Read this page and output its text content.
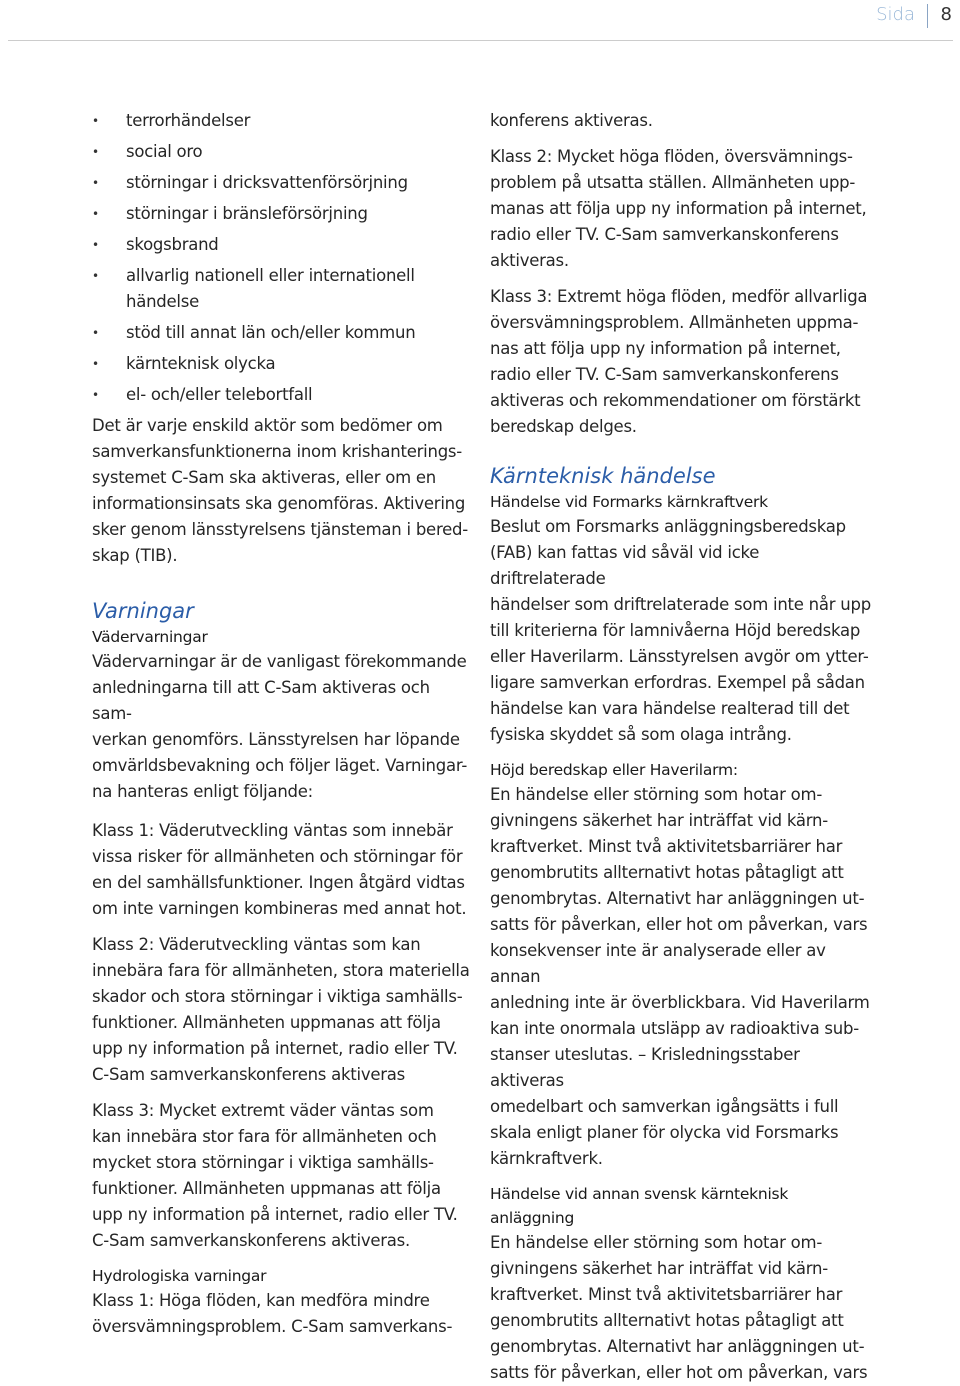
Sida 8
• terrorhändelser
• social oro
• störningar i dricksvattenförsörjning
• störningar i bränsleförsörjning
• skogsbrand
• allvarlig nationell eller internationell
händelse
• stöd till annat län och/eller kommun
• kärnteknisk olycka
• el- och/eller telebortfall

Det är varje enskild aktör som bedömer om
samverkansfunktionerna inom krishanterings-
systemet C-Sam ska aktiveras, eller om en
informationsinsats ska genomföras. Aktivering
sker genom länsstyrelsens tjänsteman i bered-
skap (TIB).

Varningar
Vädervarningar

Vädervarningar är de vanligast förekommande
anledningarna till att C-Sam aktiveras och sam-
verkan genomförs. Länsstyrelsen har löpande
omvärldsbevakning och följer läget. Varningar-
na hanteras enligt följande:

Klass 1: Väderutveckling väntas som innebär
vissa risker för allmänheten och störningar för
en del samhällsfunktioner. Ingen åtgärd vidtas
om inte varningen kombineras med annat hot.

Klass 2: Väderutveckling väntas som kan
innebära fara för allmänheten, stora materiella
skador och stora störningar i viktiga samhälls-
funktioner. Allmänheten uppmanas att följa
upp ny information på internet, radio eller TV.
C-Sam samverkanskonferens aktiveras

Klass 3: Mycket extremt väder väntas som
kan innebära stor fara för allmänheten och
mycket stora störningar i viktiga samhälls-
funktioner. Allmänheten uppmanas att följa
upp ny information på internet, radio eller TV.
C-Sam samverkanskonferens aktiveras.

Hydrologiska varningar

Klass 1: Höga flöden, kan medföra mindre
översvämningsproblem. C-Sam samverkans-

konferens aktiveras.

Klass 2: Mycket höga flöden, översvämnings-
problem på utsatta ställen. Allmänheten upp-
manas att följa upp ny information på internet,
radio eller TV. C-Sam samverkanskonferens
aktiveras.

Klass 3: Extremt höga flöden, medför allvarliga
översvämningsproblem. Allmänheten uppma-
nas att följa upp ny information på internet,
radio eller TV. C-Sam samverkanskonferens
aktiveras och rekommendationer om förstärkt
beredskap delges.

Kärnteknisk händelse
Händelse vid Formarks kärnkraftverk

Beslut om Forsmarks anläggningsberedskap
(FAB) kan fattas vid såväl vid icke driftrelaterade
händelser som driftrelaterade som inte når upp
till kriterierna för lamnivåerna Höjd beredskap
eller Haverilarm. Länsstyrelsen avgör om ytter-
ligare samverkan erfordras. Exempel på sådan
händelse kan vara händelse realterad till det
fysiska skyddet så som olaga intrång.

Höjd beredskap eller Haverilarm:

En händelse eller störning som hotar om-
givningens säkerhet har inträffat vid kärn-
kraftverket. Minst två aktivitetsbarriärer har
genombrutits allternativt hotas påtagligt att
genombrytas. Alternativt har anläggningen ut-
satts för påverkan, eller hot om påverkan, vars
konsekvenser inte är analyserade eller av annan
anledning inte är överblickbara. Vid Haverilarm
kan inte onormala utsläpp av radioaktiva sub-
stanser uteslutas. – Krisledningsstaber aktiveras
omedelbart och samverkan igångsätts i full
skala enligt planer för olycka vid Forsmarks
kärnkraftverk.

Händelse vid annan svensk kärnteknisk
anläggning

En händelse eller störning som hotar om-
givningens säkerhet har inträffat vid kärn-
kraftverket. Minst två aktivitetsbarriärer har
genombrutits allternativt hotas påtagligt att
genombrytas. Alternativt har anläggningen ut-
satts för påverkan, eller hot om påverkan, vars
